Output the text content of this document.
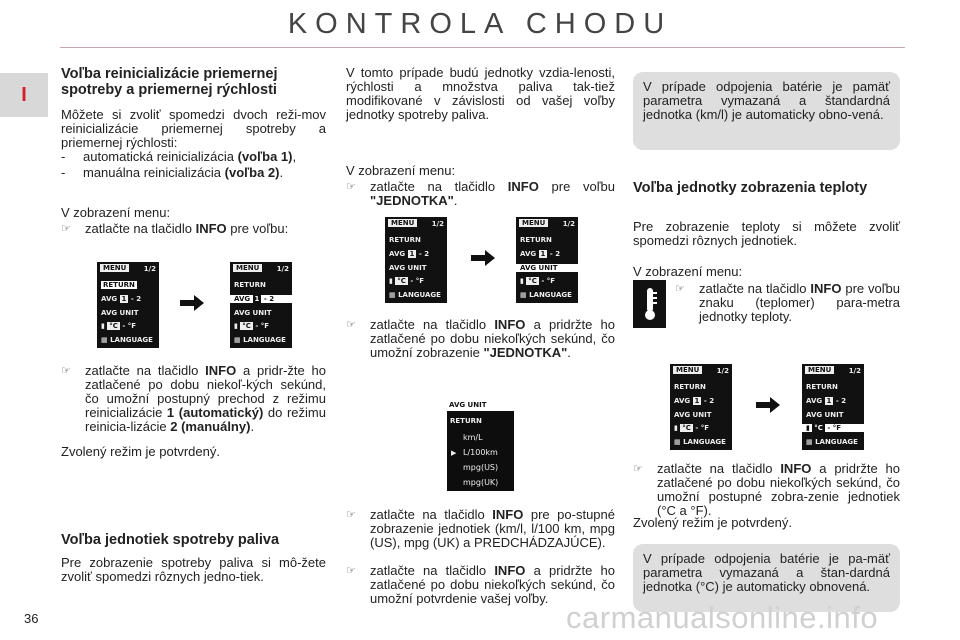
KONTROLA CHODU
I
Voľba reinicializácie priemernej spotreby a priemernej rýchlosti
Môžete si zvoliť spomedzi dvoch reži-mov reinicializácie priemernej spotreby a priemernej rýchlosti:
- automatická reinicializácia (voľba 1),
- manuálna reinicializácia (voľba 2).
V zobrazení menu:
☞ zatlačte na tlačidlo INFO pre voľbu:
MENU	1/2
RETURN
AVG 1 - 2
AVG UNIT
▮ °C - °F
▦ LANGUAGE
MENU	1/2
RETURN
AVG 1 - 2
AVG UNIT
▮ °C - °F
▦ LANGUAGE
☞ zatlačte na tlačidlo INFO a pridr-žte ho zatlačené po dobu niekoľ-kých sekúnd, čo umožní postupný prechod z režimu reinicializácie 1 (automatický) do režimu reinicia-lizácie 2 (manuálny).
Zvolený režim je potvrdený.
Voľba jednotiek spotreby paliva
Pre zobrazenie spotreby paliva si mô-žete zvoliť spomedzi rôznych jedno-tiek.
V tomto prípade budú jednotky vzdia-lenosti, rýchlosti a množstva paliva tak-tiež modifikované v závislosti od vašej voľby jednotky spotreby paliva.
V zobrazení menu:
☞ zatlačte na tlačidlo INFO pre voľbu "JEDNOTKA".
MENU	1/2
RETURN
AVG 1 - 2
AVG UNIT
▮ °C - °F
▦ LANGUAGE
MENU	1/2
RETURN
AVG 1 - 2
AVG UNIT
▮ °C - °F
▦ LANGUAGE
☞ zatlačte na tlačidlo INFO a pridržte ho zatlačené po dobu niekoľkých sekúnd, čo umožní zobrazenie "JEDNOTKA".
AVG UNIT
RETURN
▶
km/L
L/100km
mpg(US)
mpg(UK)
☞ zatlačte na tlačidlo INFO pre po-stupné zobrazenie jednotiek (km/l, l/100 km, mpg (US), mpg (UK) a PREDCHÁDZAJÚCE).
☞ zatlačte na tlačidlo INFO a pridržte ho zatlačené po dobu niekoľkých sekúnd, čo umožní potvrdenie vašej voľby.
V prípade odpojenia batérie je pamäť parametra vymazaná a štandardná jednotka (km/l) je automaticky obno-vená.
Voľba jednotky zobrazenia teploty
Pre zobrazenie teploty si môžete zvoliť spomedzi rôznych jednotiek.
V zobrazení menu:
☞ zatlačte na tlačidlo INFO pre voľbu znaku (teplomer) para-metra jednotky teploty.
MENU	1/2
RETURN
AVG 1 - 2
AVG UNIT
▮ °C - °F
▦ LANGUAGE
MENU	1/2
RETURN
AVG 1 - 2
AVG UNIT
▮ °C - °F
▦ LANGUAGE
☞ zatlačte na tlačidlo INFO a pridržte ho zatlačené po dobu niekoľkých sekúnd, čo umožní postupné zobra-zenie jednotiek (°C a °F).
Zvolený režim je potvrdený.
V prípade odpojenia batérie je pa-mäť parametra vymazaná a štan-dardná jednotka (°C) je automaticky obnovená.
36	carmanualsonline.info
